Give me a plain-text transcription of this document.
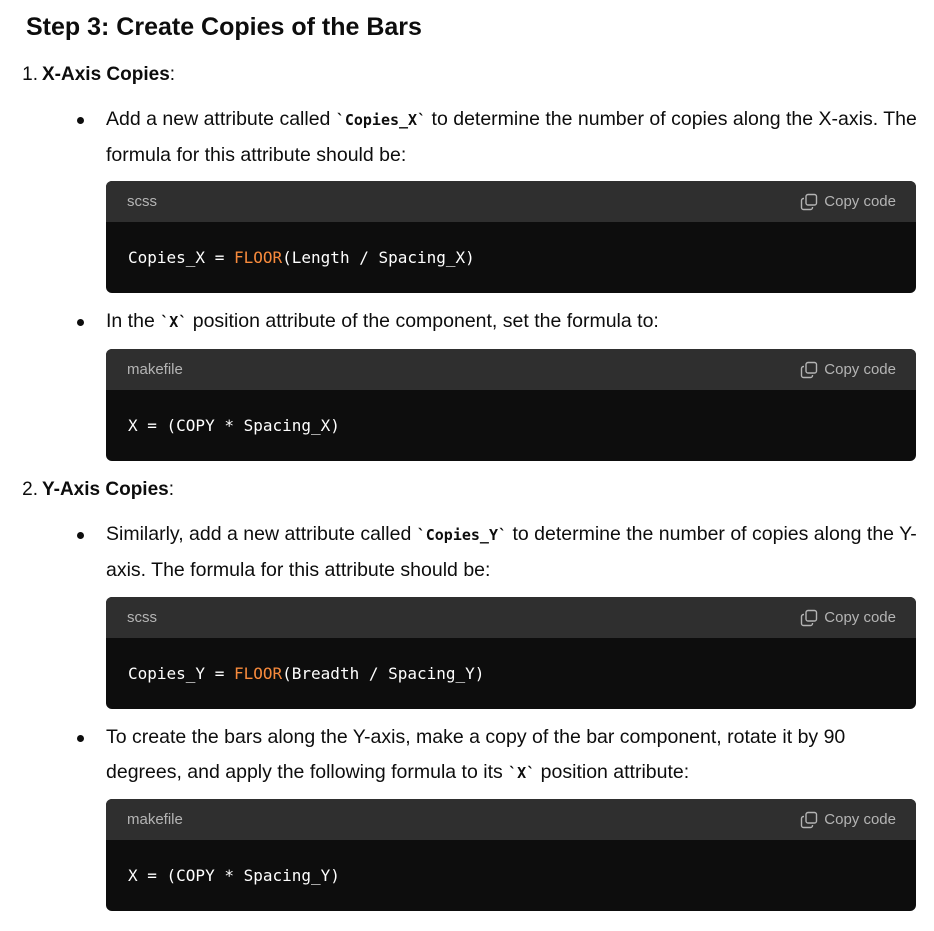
Step 3: Create Copies of the Bars
1. X-Axis Copies:
Add a new attribute called `Copies_X` to determine the number of copies along the X-axis. The formula for this attribute should be:
scss	Copy code
Copies_X = FLOOR(Length / Spacing_X)
In the `X` position attribute of the component, set the formula to:
makefile	Copy code
X = (COPY * Spacing_X)
2. Y-Axis Copies:
Similarly, add a new attribute called `Copies_Y` to determine the number of copies along the Y-axis. The formula for this attribute should be:
scss	Copy code
Copies_Y = FLOOR(Breadth / Spacing_Y)
To create the bars along the Y-axis, make a copy of the bar component, rotate it by 90 degrees, and apply the following formula to its `X` position attribute:
makefile	Copy code
X = (COPY * Spacing_Y)
